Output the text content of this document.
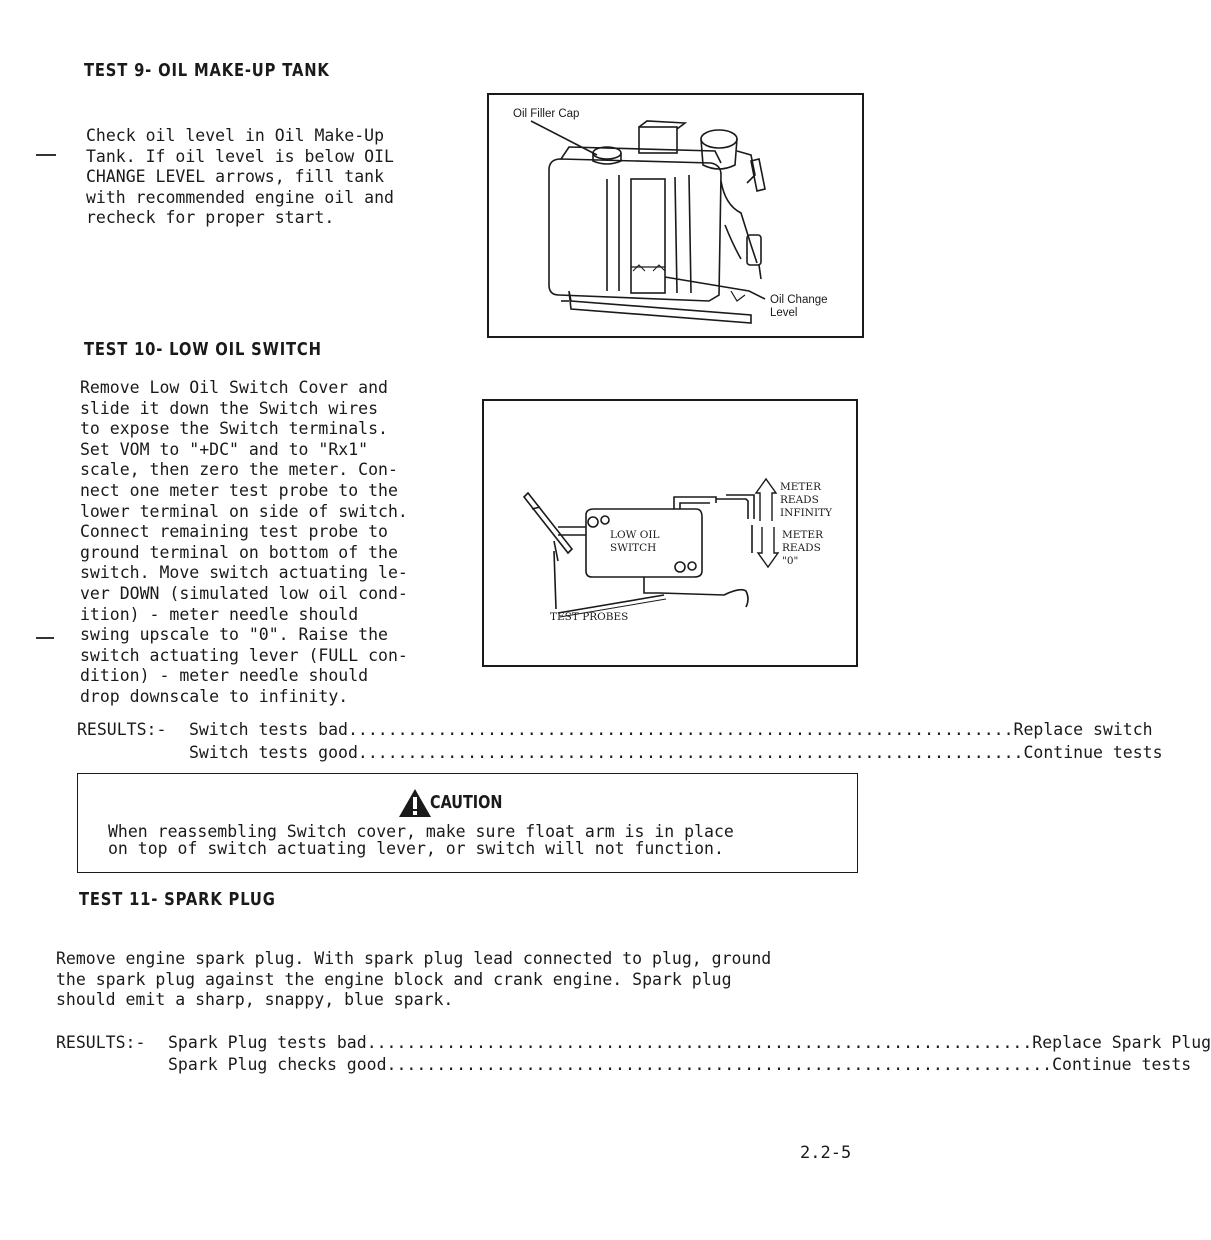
TEST 9- OIL MAKE-UP TANK
Check oil level in Oil Make-Up
Tank. If oil level is below OIL
CHANGE LEVEL arrows, fill tank
with recommended engine oil and
recheck for proper start.
Oil Filler Cap
Oil Change
Level
TEST 10- LOW OIL SWITCH
Remove Low Oil Switch Cover and
slide it down the Switch wires
to expose the Switch terminals.
Set VOM to "+DC" and to "Rx1"
scale, then zero the meter. Con-
nect one meter test probe to the
lower terminal on side of switch.
Connect remaining test probe to
ground terminal on bottom of the
switch. Move switch actuating le-
ver DOWN (simulated low oil cond-
ition) - meter needle should
swing upscale to "0". Raise the
switch actuating lever (FULL con-
dition) - meter needle should
drop downscale to infinity.
LOW OIL
SWITCH
METER
READS
INFINITY
METER
READS
"0"
TEST PROBES
RESULTS:- Switch tests bad ................................................................... Replace switch
Switch tests good ................................................................... Continue tests
CAUTION
When reassembling Switch cover, make sure float arm is in place
on top of switch actuating lever, or switch will not function.
TEST 11- SPARK PLUG
Remove engine spark plug. With spark plug lead connected to plug, ground
the spark plug against the engine block and crank engine. Spark plug
should emit a sharp, snappy, blue spark.
RESULTS:- Spark Plug tests bad ................................................................... Replace Spark Plug
Spark Plug checks good ................................................................... Continue tests
2.2-5
